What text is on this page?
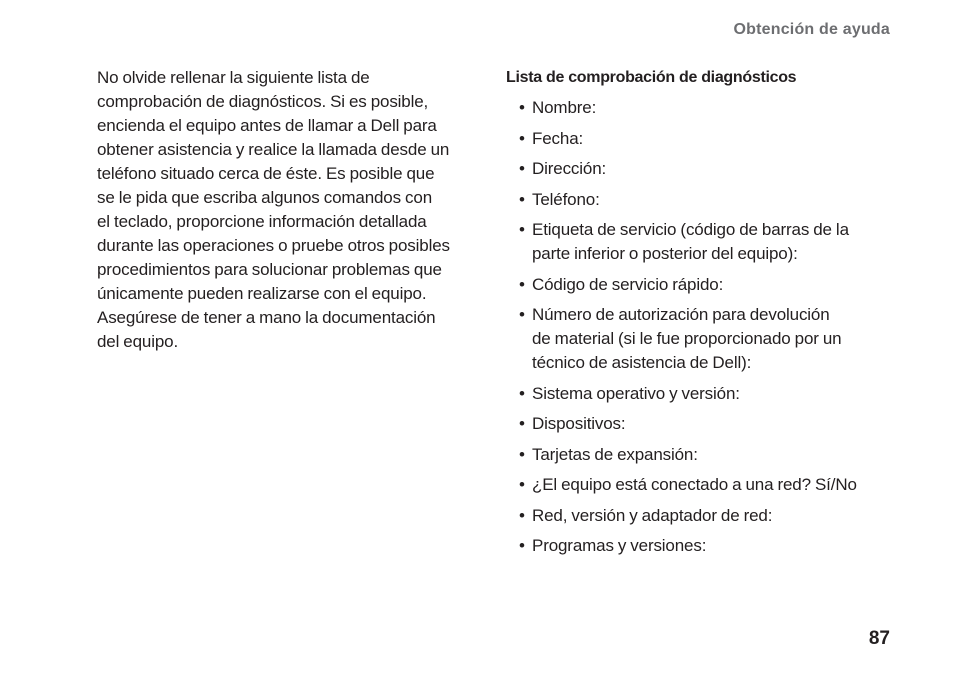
Obtención de ayuda

No olvide rellenar la siguiente lista de
comprobación de diagnósticos. Si es posible,
encienda el equipo antes de llamar a Dell para
obtener asistencia y realice la llamada desde un
teléfono situado cerca de éste. Es posible que
se le pida que escriba algunos comandos con
el teclado, proporcione información detallada
durante las operaciones o pruebe otros posibles
procedimientos para solucionar problemas que
únicamente pueden realizarse con el equipo.
Asegúrese de tener a mano la documentación
del equipo.

Lista de comprobación de diagnósticos
• Nombre:
• Fecha:
• Dirección:
• Teléfono:
• Etiqueta de servicio (código de barras de la
parte inferior o posterior del equipo):
• Código de servicio rápido:
• Número de autorización para devolución
de material (si le fue proporcionado por un
técnico de asistencia de Dell):
• Sistema operativo y versión:
• Dispositivos:
• Tarjetas de expansión:
• ¿El equipo está conectado a una red? Sí/No
• Red, versión y adaptador de red:
• Programas y versiones:
87
